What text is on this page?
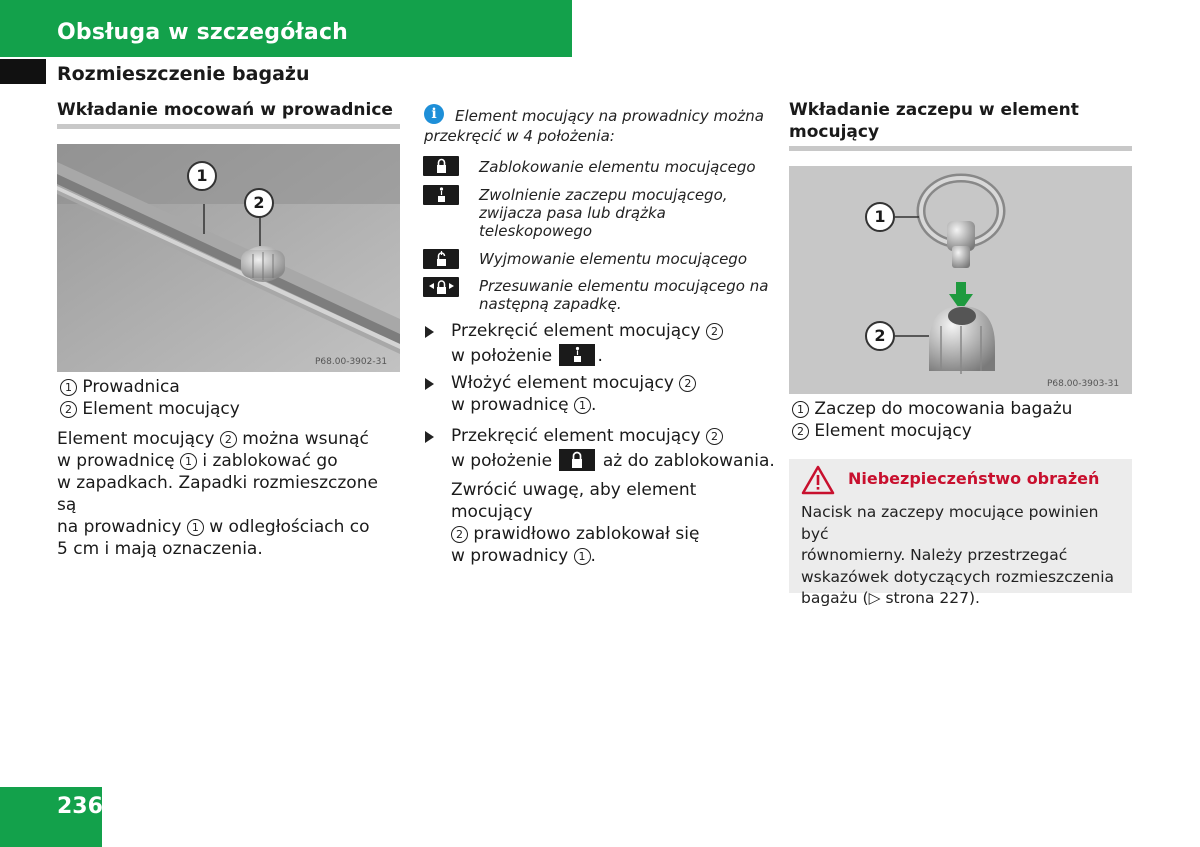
Obsługa w szczegółach
Rozmieszczenie bagażu
Wkładanie mocowań w prowadnice
1
2
P68.00-3902-31
1 Prowadnica
2 Element mocujący
Element mocujący 2 można wsunąć
w prowadnicę 1 i zablokować go
w zapadkach. Zapadki rozmieszczone są
na prowadnicy 1 w odległościach co
5 cm i mają oznaczenia.
i	Element mocujący na prowadnicy można
przekręcić w 4 położenia:
Zablokowanie elementu mocującego
Zwolnienie zaczepu mocującego,
zwijacza pasa lub drążka
teleskopowego
Wyjmowanie elementu mocującego
Przesuwanie elementu mocującego na
następną zapadkę.
Przekręcić element mocujący 2
w położenie .
Włożyć element mocujący 2
w prowadnicę 1 .
Przekręcić element mocujący 2
w położenie  aż do zablokowania.
Zwrócić uwagę, aby element mocujący
2 prawidłowo zablokował się
w prowadnicy 1 .
Wkładanie zaczepu w element
mocujący
1
2
P68.00-3903-31
1 Zaczep do mocowania bagażu
2 Element mocujący
Niebezpieczeństwo obrażeń
Nacisk na zaczepy mocujące powinien być
równomierny. Należy przestrzegać
wskazówek dotyczących rozmieszczenia
bagażu (▷ strona 227).
236
